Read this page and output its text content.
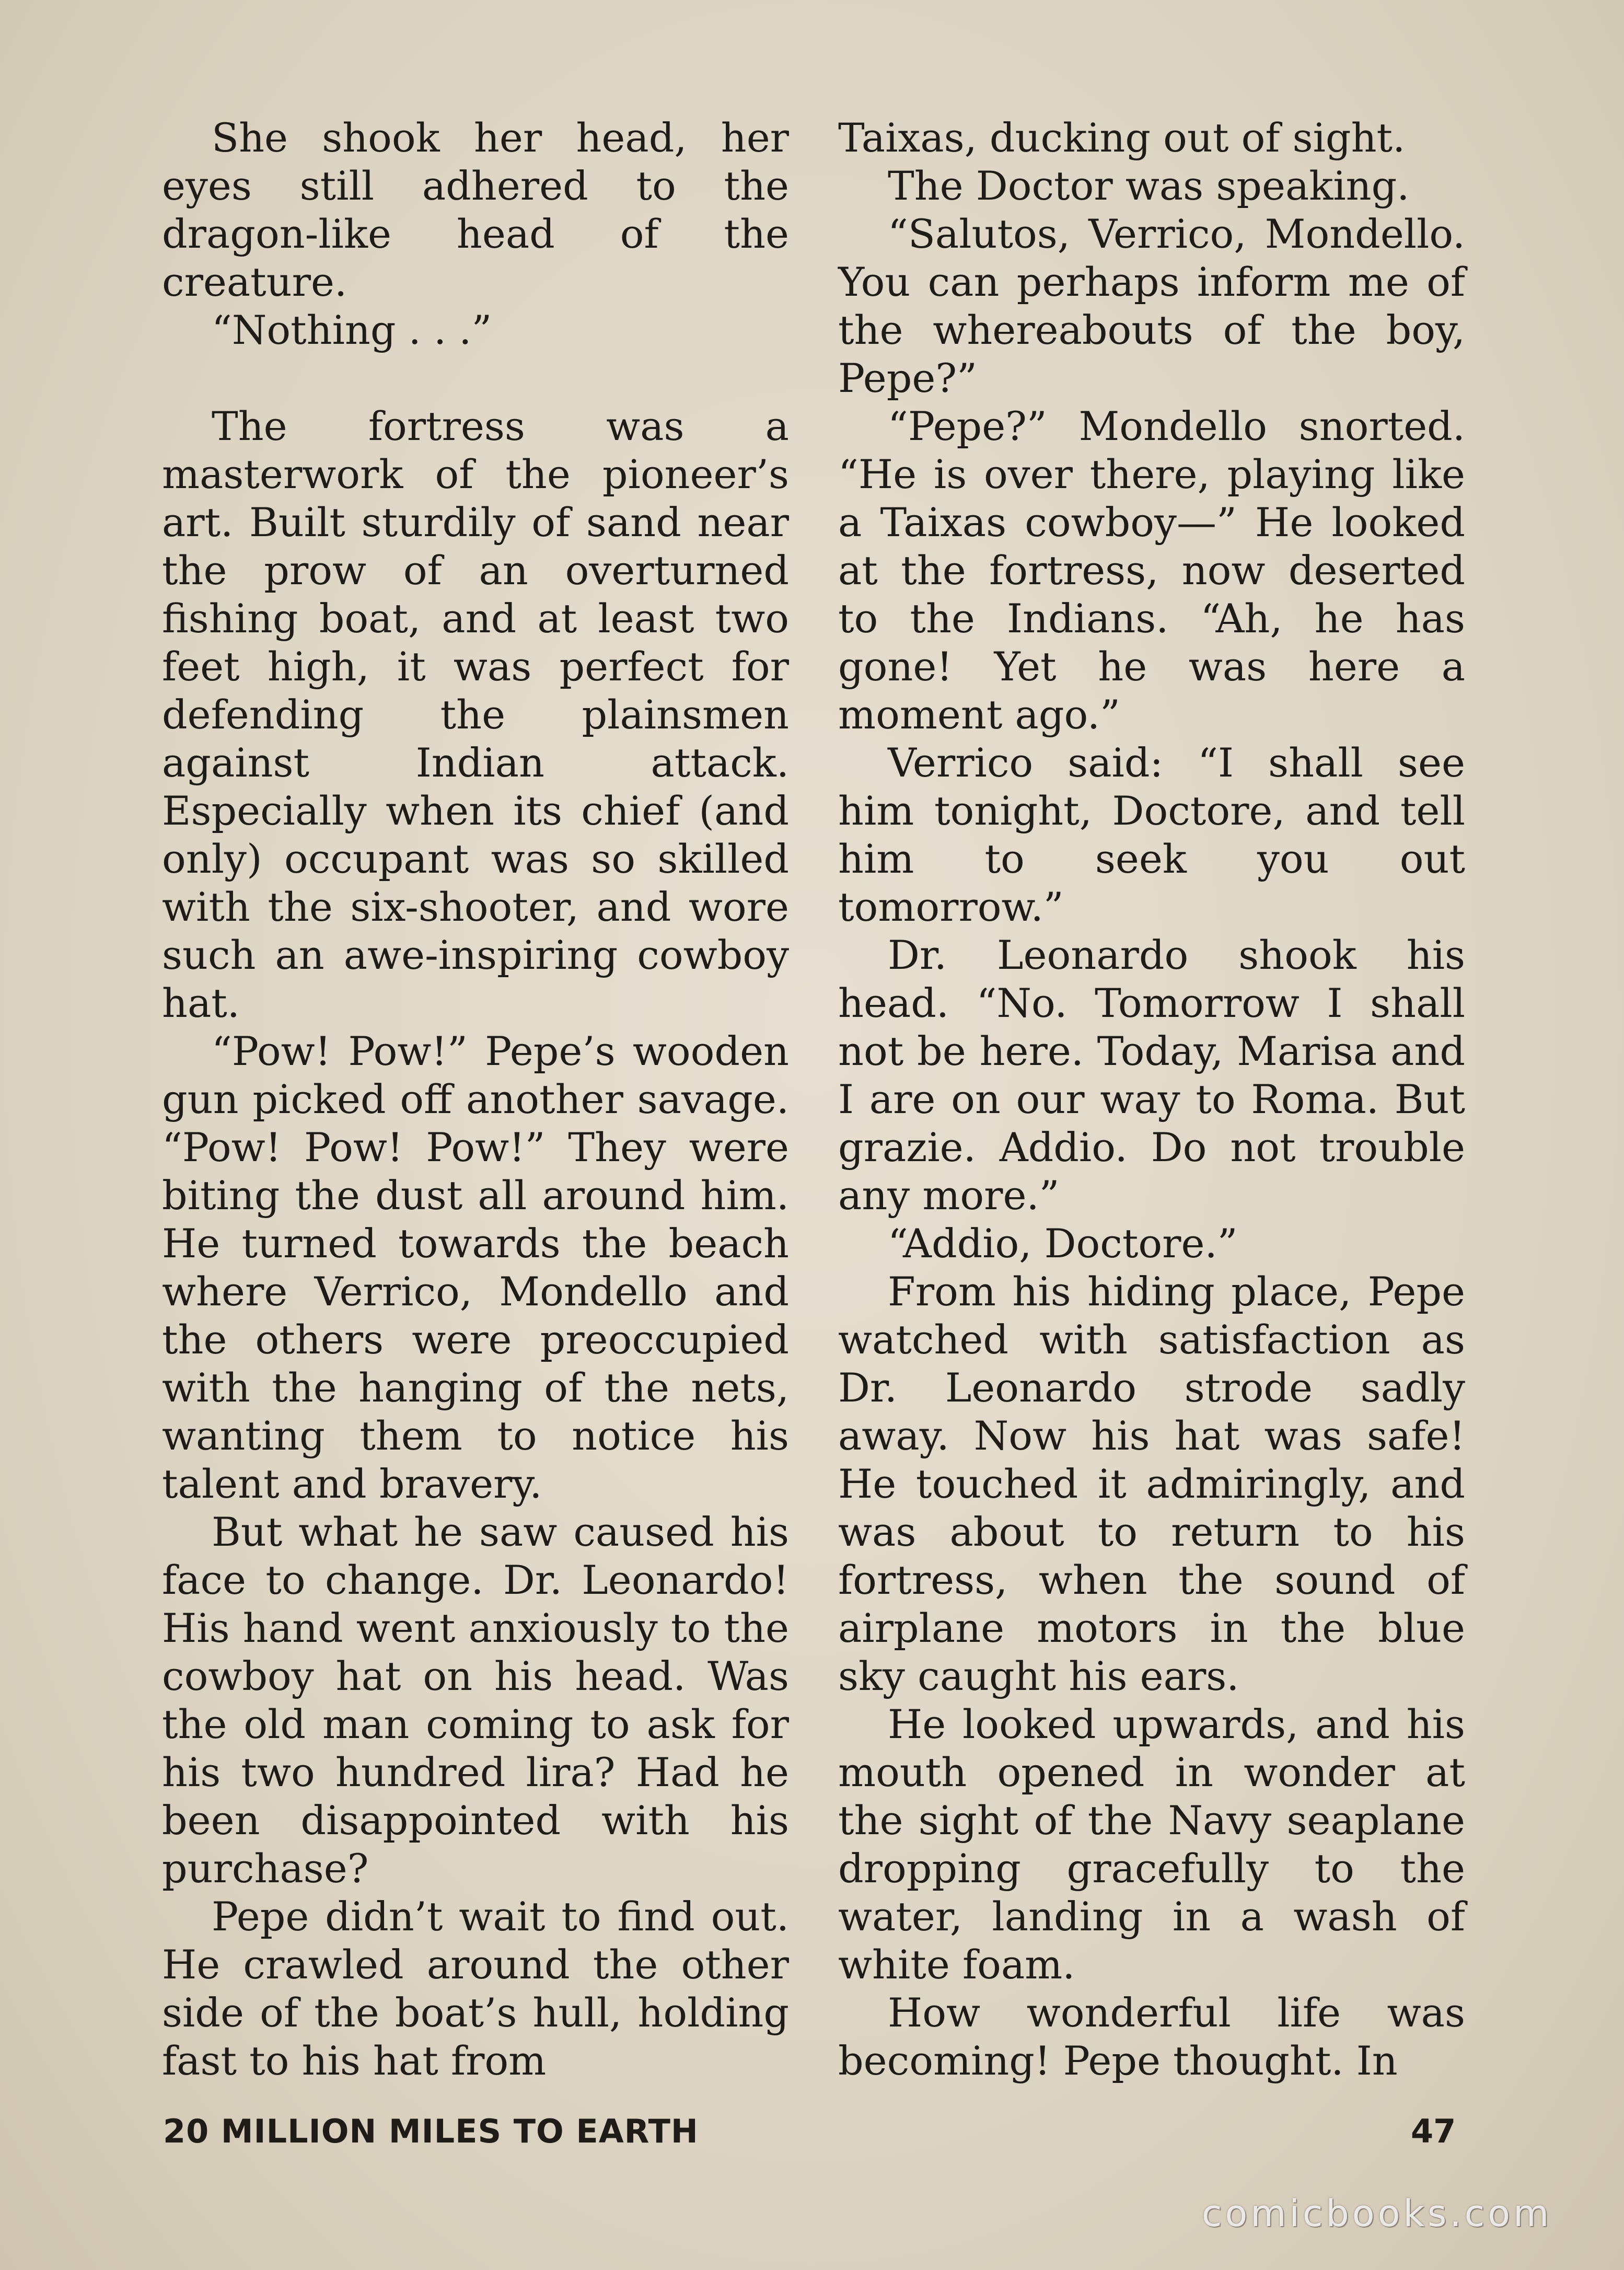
She shook her head, her eyes still adhered to the dragon-like head of the creature.

“Nothing . . .”

The fortress was a masterwork of the pioneer’s art. Built sturdily of sand near the prow of an overturned fishing boat, and at least two feet high, it was perfect for defending the plainsmen against Indian attack. Especially when its chief (and only) occupant was so skilled with the six-shooter, and wore such an awe-inspiring cowboy hat.

“Pow! Pow!” Pepe’s wooden gun picked off another savage. “Pow! Pow! Pow!” They were biting the dust all around him. He turned towards the beach where Verrico, Mondello and the others were preoccupied with the hanging of the nets, wanting them to notice his talent and bravery.

But what he saw caused his face to change. Dr. Leonardo! His hand went anxiously to the cowboy hat on his head. Was the old man coming to ask for his two hundred lira? Had he been disappointed with his purchase?

Pepe didn’t wait to find out. He crawled around the other side of the boat’s hull, holding fast to his hat from

Taixas, ducking out of sight.

The Doctor was speaking.

“Salutos, Verrico, Mondello. You can perhaps inform me of the whereabouts of the boy, Pepe?”

“Pepe?” Mondello snorted. “He is over there, playing like a Taixas cowboy—” He looked at the fortress, now deserted to the Indians. “Ah, he has gone! Yet he was here a moment ago.”

Verrico said: “I shall see him tonight, Doctore, and tell him to seek you out tomorrow.”

Dr. Leonardo shook his head. “No. Tomorrow I shall not be here. Today, Marisa and I are on our way to Roma. But grazie. Addio. Do not trouble any more.”

“Addio, Doctore.”

From his hiding place, Pepe watched with satisfaction as Dr. Leonardo strode sadly away. Now his hat was safe! He touched it admiringly, and was about to return to his fortress, when the sound of airplane motors in the blue sky caught his ears.

He looked upwards, and his mouth opened in wonder at the sight of the Navy seaplane dropping gracefully to the water, landing in a wash of white foam.

How wonderful life was becoming! Pepe thought. In

20 MILLION MILES TO EARTH	47
comicbooks.com
